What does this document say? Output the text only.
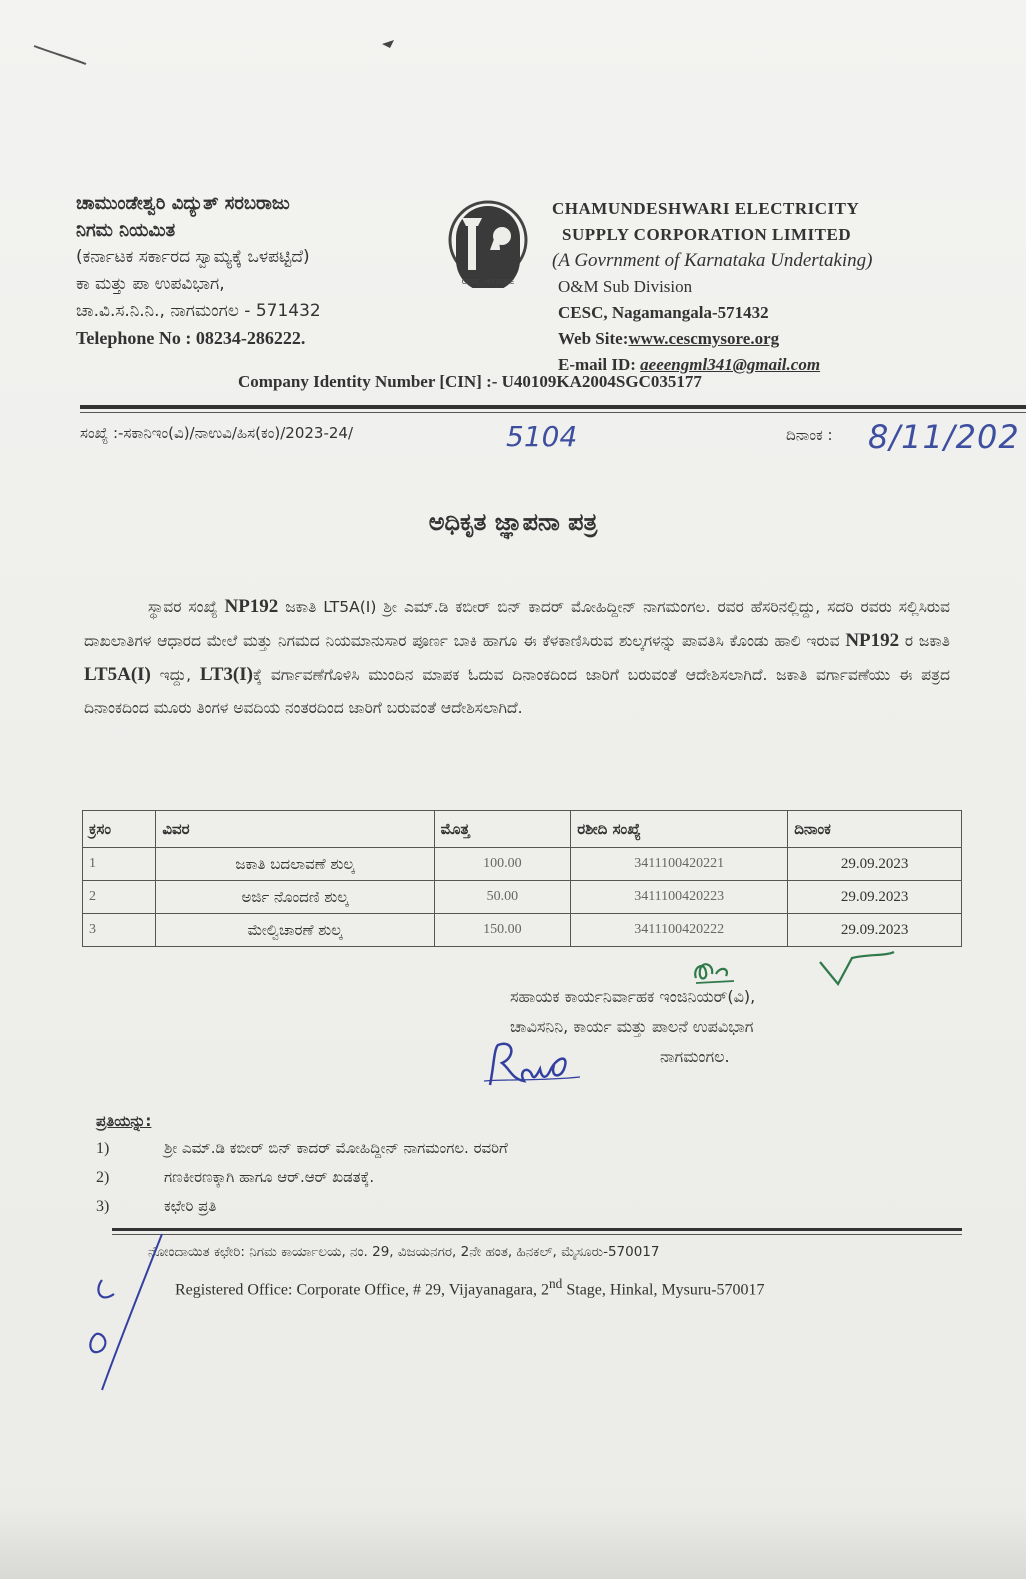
ಚಾಮುಂಡೇಶ್ವರಿ ವಿದ್ಯುತ್ ಸರಬರಾಜು
ನಿಗಮ ನಿಯಮಿತ
(ಕರ್ನಾಟಕ ಸರ್ಕಾರದ ಸ್ವಾಮ್ಯಕ್ಕೆ ಒಳಪಟ್ಟಿದೆ)
ಕಾ ಮತ್ತು ಪಾ ಉಪವಿಭಾಗ,
ಚಾ.ವಿ.ಸ.ನಿ.ನಿ., ನಾಗಮಂಗಲ - 571432
Telephone No : 08234-286222.
CESC, MYSORE
CHAMUNDESHWARI ELECTRICITY
SUPPLY CORPORATION LIMITED
(A Govrnment of Karnataka Undertaking)
O&M Sub Division
CESC, Nagamangala-571432
Web Site:www.cescmysore.org
E-mail ID: aeeengml341@gmail.com
Company Identity Number [CIN] :- U40109KA2004SGC035177
ಸಂಖ್ಯೆ :-ಸಕಾನಿಇಂ(ವಿ)/ನಾಉವಿ/ಹಿಸ(ಕಂ)/2023-24/	5104	ದಿನಾಂಕ : 8/11/202
ಅಧಿಕೃತ ಜ್ಞಾಪನಾ ಪತ್ರ
ಸ್ಥಾವರ ಸಂಖ್ಯೆ NP192 ಜಕಾತಿ LT5A(I) ಶ್ರೀ ಎಮ್.ಡಿ ಕಬೀರ್ ಬಿನ್ ಕಾದರ್ ಮೋಹಿದ್ದೀನ್ ನಾಗಮಂಗಲ. ರವರ ಹೆಸರಿನಲ್ಲಿದ್ದು, ಸದರಿ ರವರು ಸಲ್ಲಿಸಿರುವ ದಾಖಲಾತಿಗಳ ಆಧಾರದ ಮೇಲೆ ಮತ್ತು ನಿಗಮದ ನಿಯಮಾನುಸಾರ ಪೂರ್ಣ ಬಾಕಿ ಹಾಗೂ ಈ ಕೆಳಕಾಣಿಸಿರುವ ಶುಲ್ಕಗಳನ್ನು ಪಾವತಿಸಿ ಕೊಂಡು ಹಾಲಿ ಇರುವ NP192 ರ ಜಕಾತಿ LT5A(I) ಇದ್ದು, LT3(I)ಕ್ಕೆ ವರ್ಗಾವಣೆಗೊಳಿಸಿ ಮುಂದಿನ ಮಾಪಕ ಓದುವ ದಿನಾಂಕದಿಂದ ಜಾರಿಗೆ ಬರುವಂತೆ ಆದೇಶಿಸಲಾಗಿದೆ. ಜಕಾತಿ ವರ್ಗಾವಣೆಯು ಈ ಪತ್ರದ ದಿನಾಂಕದಿಂದ ಮೂರು ತಿಂಗಳ ಅವದಿಯ ನಂತರದಿಂದ ಜಾರಿಗೆ ಬರುವಂತೆ ಆದೇಶಿಸಲಾಗಿದೆ.
ಕ್ರಸಂ	ವಿವರ	ಮೊತ್ತ	ರಶೀದಿ ಸಂಖ್ಯೆ	ದಿನಾಂಕ
1	ಜಕಾತಿ ಬದಲಾವಣೆ ಶುಲ್ಕ	100.00	3411100420221	29.09.2023
2	ಅರ್ಜಿ ನೊಂದಣಿ ಶುಲ್ಕ	50.00	3411100420223	29.09.2023
3	ಮೇಲ್ವಿಚಾರಣೆ ಶುಲ್ಕ	150.00	3411100420222	29.09.2023
ಸಹಾಯಕ ಕಾರ್ಯನಿರ್ವಾಹಕ ಇಂಜಿನಿಯರ್(ವಿ),
ಚಾವಿಸನಿನಿ, ಕಾರ್ಯ ಮತ್ತು ಪಾಲನೆ ಉಪವಿಭಾಗ
ನಾಗಮಂಗಲ.
ಪ್ರತಿಯನ್ನು:
1)	ಶ್ರೀ ಎಮ್.ಡಿ ಕಬೀರ್ ಬಿನ್ ಕಾದರ್ ಮೋಹಿದ್ದೀನ್ ನಾಗಮಂಗಲ. ರವರಿಗೆ
2)	ಗಣಕೀರಣಕ್ಕಾಗಿ ಹಾಗೂ ಆರ್.ಆರ್ ಖಡತಕ್ಕೆ.
3)	ಕಛೇರಿ ಪ್ರತಿ
ನೋಂದಾಯಿತ ಕಛೇರಿ: ನಿಗಮ ಕಾರ್ಯಾಲಯ, ನಂ. 29, ವಿಜಯನಗರ, 2ನೇ ಹಂತ, ಹಿನಕಲ್, ಮೈಸೂರು-570017
Registered Office: Corporate Office, # 29, Vijayanagara, 2nd Stage, Hinkal, Mysuru-570017
